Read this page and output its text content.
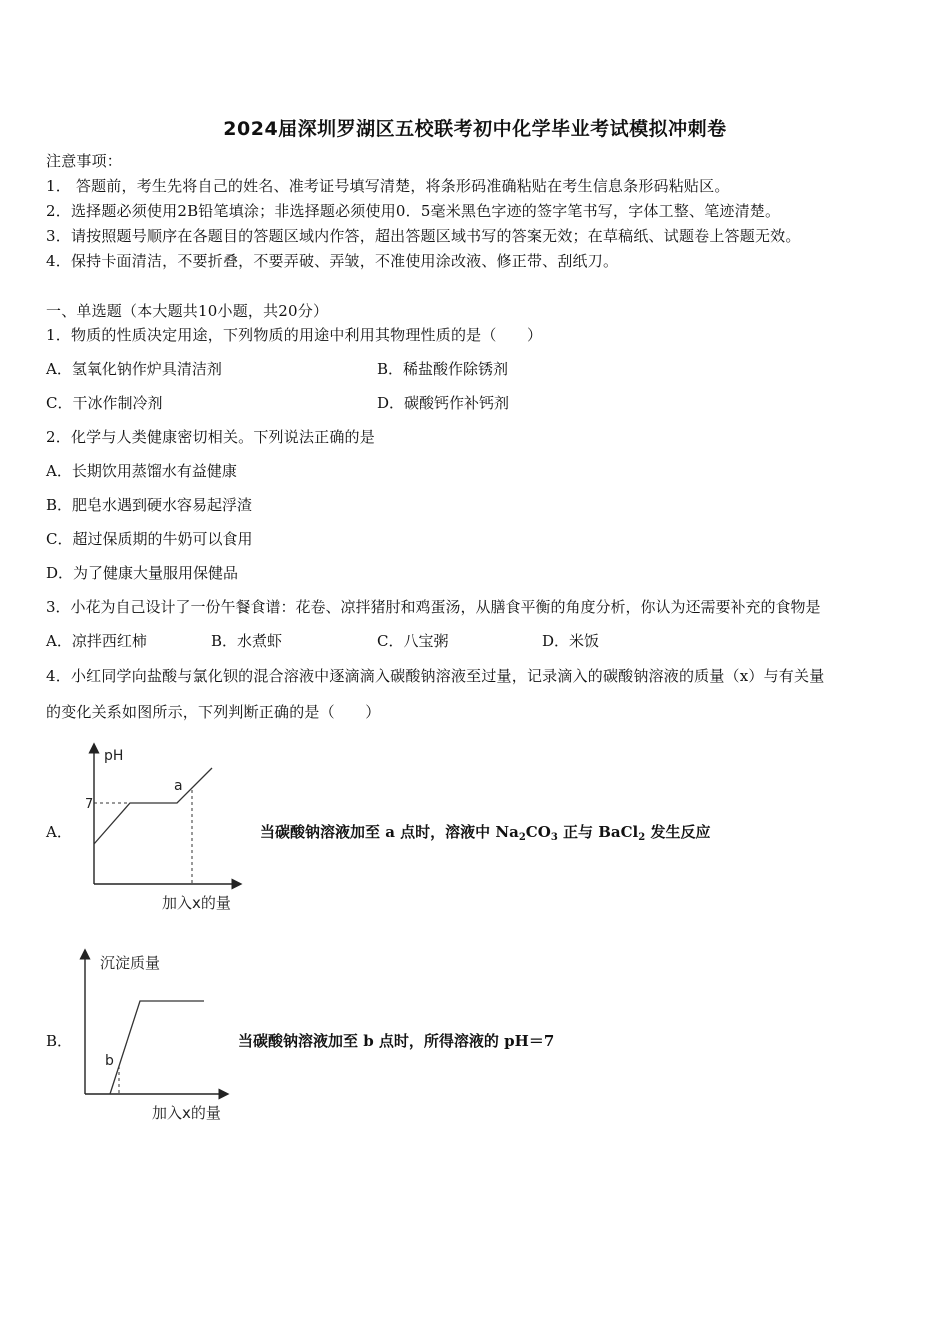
2024届深圳罗湖区五校联考初中化学毕业考试模拟冲刺卷
注意事项：
1． 答题前，考生先将自己的姓名、准考证号填写清楚，将条形码准确粘贴在考生信息条形码粘贴区。
2．选择题必须使用2B铅笔填涂；非选择题必须使用0．5毫米黑色字迹的签字笔书写，字体工整、笔迹清楚。
3．请按照题号顺序在各题目的答题区域内作答，超出答题区域书写的答案无效；在草稿纸、试题卷上答题无效。
4．保持卡面清洁，不要折叠，不要弄破、弄皱，不准使用涂改液、修正带、刮纸刀。
一、单选题（本大题共10小题，共20分）
1．物质的性质决定用途，下列物质的用途中利用其物理性质的是（　　）
A．氢氧化钠作炉具清洁剂	B．稀盐酸作除锈剂
C．干冰作制冷剂	D．碳酸钙作补钙剂
2．化学与人类健康密切相关。下列说法正确的是
A．长期饮用蒸馏水有益健康
B．肥皂水遇到硬水容易起浮渣
C．超过保质期的牛奶可以食用
D．为了健康大量服用保健品
3．小花为自己设计了一份午餐食谱：花卷、凉拌猪肘和鸡蛋汤，从膳食平衡的角度分析，你认为还需要补充的食物是
A．凉拌西红柿	B．水煮虾	C．八宝粥	D．米饭
4．小红同学向盐酸与氯化钡的混合溶液中逐滴滴入碳酸钠溶液至过量，记录滴入的碳酸钠溶液的质量（x）与有关量
的变化关系如图所示，下列判断正确的是（　　）
A．
pH
7
a
加入x的量
当碳酸钠溶液加至 a 点时，溶液中 $Na_2CO_3$ 正与 BaCl$_2$ 发生反应
B．
沉淀质量
b
加入x的量
当碳酸钠溶液加至 b 点时，所得溶液的 pH＝7
